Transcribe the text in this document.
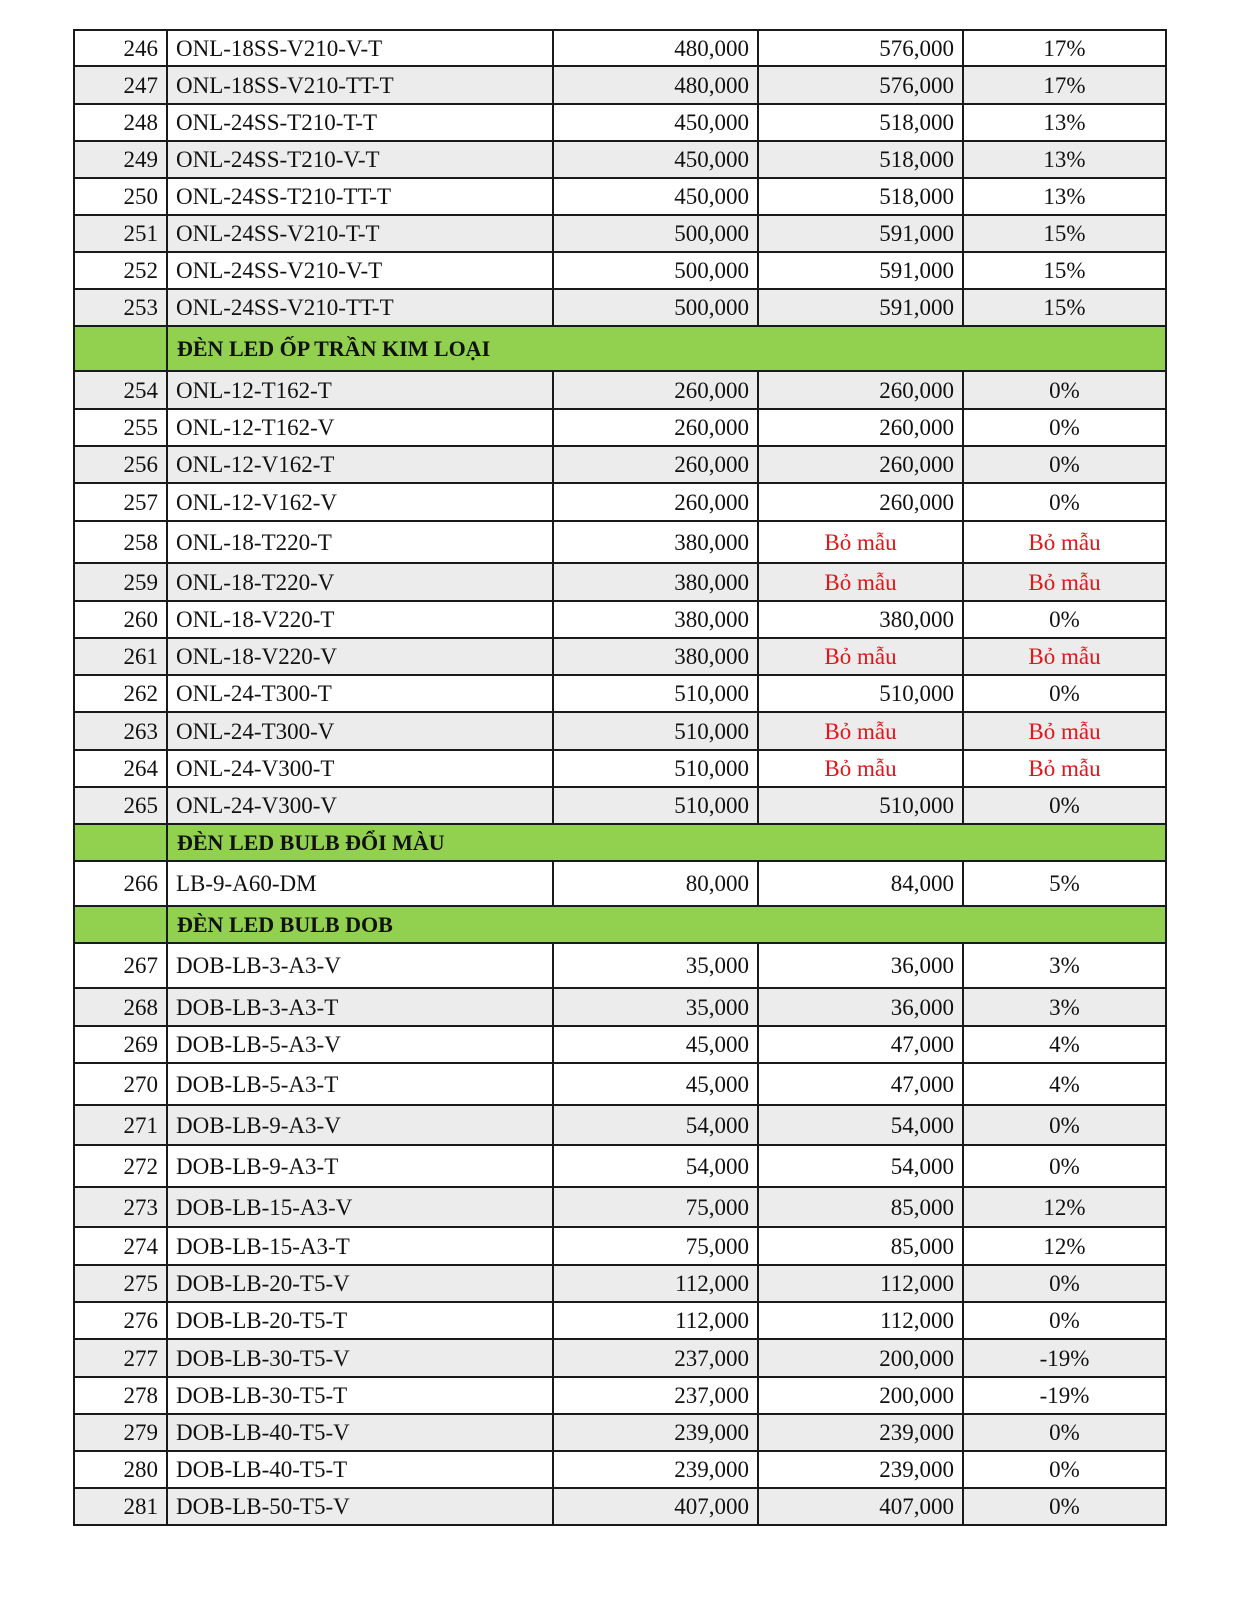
246	ONL-18SS-V210-V-T	480,000	576,000	17%
247	ONL-18SS-V210-TT-T	480,000	576,000	17%
248	ONL-24SS-T210-T-T	450,000	518,000	13%
249	ONL-24SS-T210-V-T	450,000	518,000	13%
250	ONL-24SS-T210-TT-T	450,000	518,000	13%
251	ONL-24SS-V210-T-T	500,000	591,000	15%
252	ONL-24SS-V210-V-T	500,000	591,000	15%
253	ONL-24SS-V210-TT-T	500,000	591,000	15%
	ĐÈN LED ỐP TRẦN KIM LOẠI			
254	ONL-12-T162-T	260,000	260,000	0%
255	ONL-12-T162-V	260,000	260,000	0%
256	ONL-12-V162-T	260,000	260,000	0%
257	ONL-12-V162-V	260,000	260,000	0%
258	ONL-18-T220-T	380,000	Bỏ mẫu	Bỏ mẫu
259	ONL-18-T220-V	380,000	Bỏ mẫu	Bỏ mẫu
260	ONL-18-V220-T	380,000	380,000	0%
261	ONL-18-V220-V	380,000	Bỏ mẫu	Bỏ mẫu
262	ONL-24-T300-T	510,000	510,000	0%
263	ONL-24-T300-V	510,000	Bỏ mẫu	Bỏ mẫu
264	ONL-24-V300-T	510,000	Bỏ mẫu	Bỏ mẫu
265	ONL-24-V300-V	510,000	510,000	0%
	ĐÈN LED BULB ĐỔI MÀU			
266	LB-9-A60-DM	80,000	84,000	5%
	ĐÈN LED BULB DOB			
267	DOB-LB-3-A3-V	35,000	36,000	3%
268	DOB-LB-3-A3-T	35,000	36,000	3%
269	DOB-LB-5-A3-V	45,000	47,000	4%
270	DOB-LB-5-A3-T	45,000	47,000	4%
271	DOB-LB-9-A3-V	54,000	54,000	0%
272	DOB-LB-9-A3-T	54,000	54,000	0%
273	DOB-LB-15-A3-V	75,000	85,000	12%
274	DOB-LB-15-A3-T	75,000	85,000	12%
275	DOB-LB-20-T5-V	112,000	112,000	0%
276	DOB-LB-20-T5-T	112,000	112,000	0%
277	DOB-LB-30-T5-V	237,000	200,000	-19%
278	DOB-LB-30-T5-T	237,000	200,000	-19%
279	DOB-LB-40-T5-V	239,000	239,000	0%
280	DOB-LB-40-T5-T	239,000	239,000	0%
281	DOB-LB-50-T5-V	407,000	407,000	0%
